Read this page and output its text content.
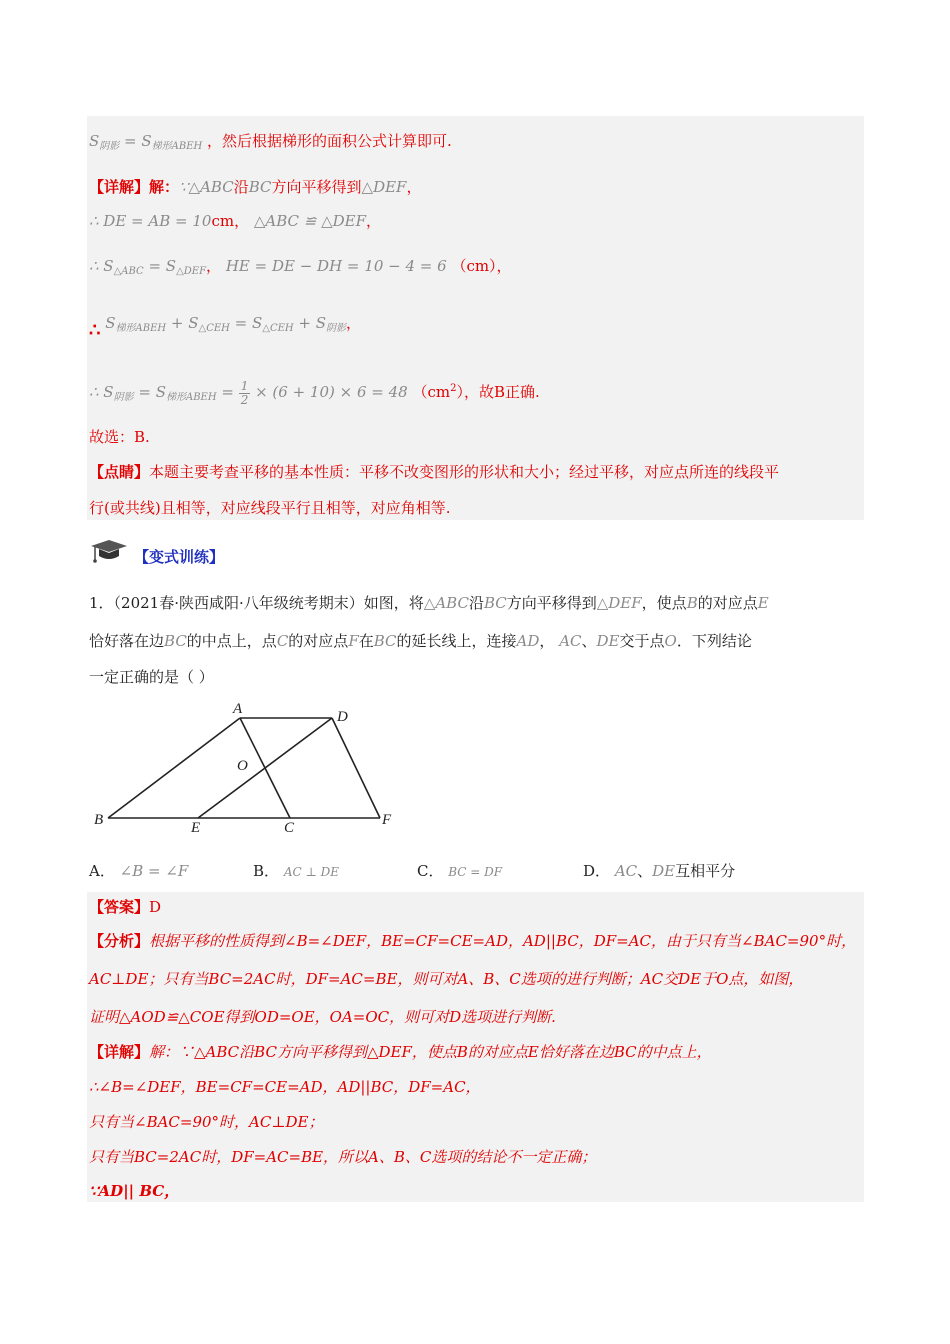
$S_{阴影} = S_{梯形ABEH}$ ，然后根据梯形的面积公式计算即可.
【详解】解：∵△ABC沿BC方向平移得到△DEF，
∴ DE = AB = 10cm， △ABC ≌ △DEF，
∴ $S_{\triangle ABC} = S_{\triangle DEF}$， HE = DE − DH = 10 − 4 = 6 （cm），
∴ $S_{梯形ABEH} + S_{\triangle CEH} = S_{\triangle CEH} + S_{阴影}$，
∴ $S_{阴影} = S_{梯形ABEH} = \frac{1}{2} \times (6 + 10) \times 6 = 48$ $(cm^2)$，故B正确.
故选：B.
【点睛】本题主要考查平移的基本性质：平移不改变图形的形状和大小；经过平移，对应点所连的线段平
行(或共线)且相等，对应线段平行且相等，对应角相等.
【变式训练】
1．（2021春·陕西咸阳·八年级统考期末）如图，将△ABC沿BC方向平移得到△DEF，使点B的对应点E
恰好落在边BC的中点上，点C的对应点F在BC的延长线上，连接AD， AC、DE交于点O．下列结论
一定正确的是（ ）
A	D
O
B	E	C	F
A． ∠B = ∠F	B． AC ⊥ DE	C． BC = DF	D． AC、DE互相平分
【答案】D
【分析】根据平移的性质得到∠B=∠DEF，BE=CF=CE=AD，AD||BC，DF=AC，由于只有当∠BAC=90°时，
AC⊥DE；只有当BC=2AC时，DF=AC=BE，则可对A、B、C选项的进行判断；AC交DE于O点，如图，
证明△AOD≌△COE得到OD=OE，OA=OC，则可对D选项进行判断.
【详解】解：∵△ABC沿BC方向平移得到△DEF，使点B的对应点E恰好落在边BC的中点上，
∴∠B=∠DEF，BE=CF=CE=AD，AD||BC，DF=AC，
只有当∠BAC=90°时，AC⊥DE；
只有当BC=2AC时，DF=AC=BE，所以A、B、C选项的结论不一定正确；
∵AD|| BC，
